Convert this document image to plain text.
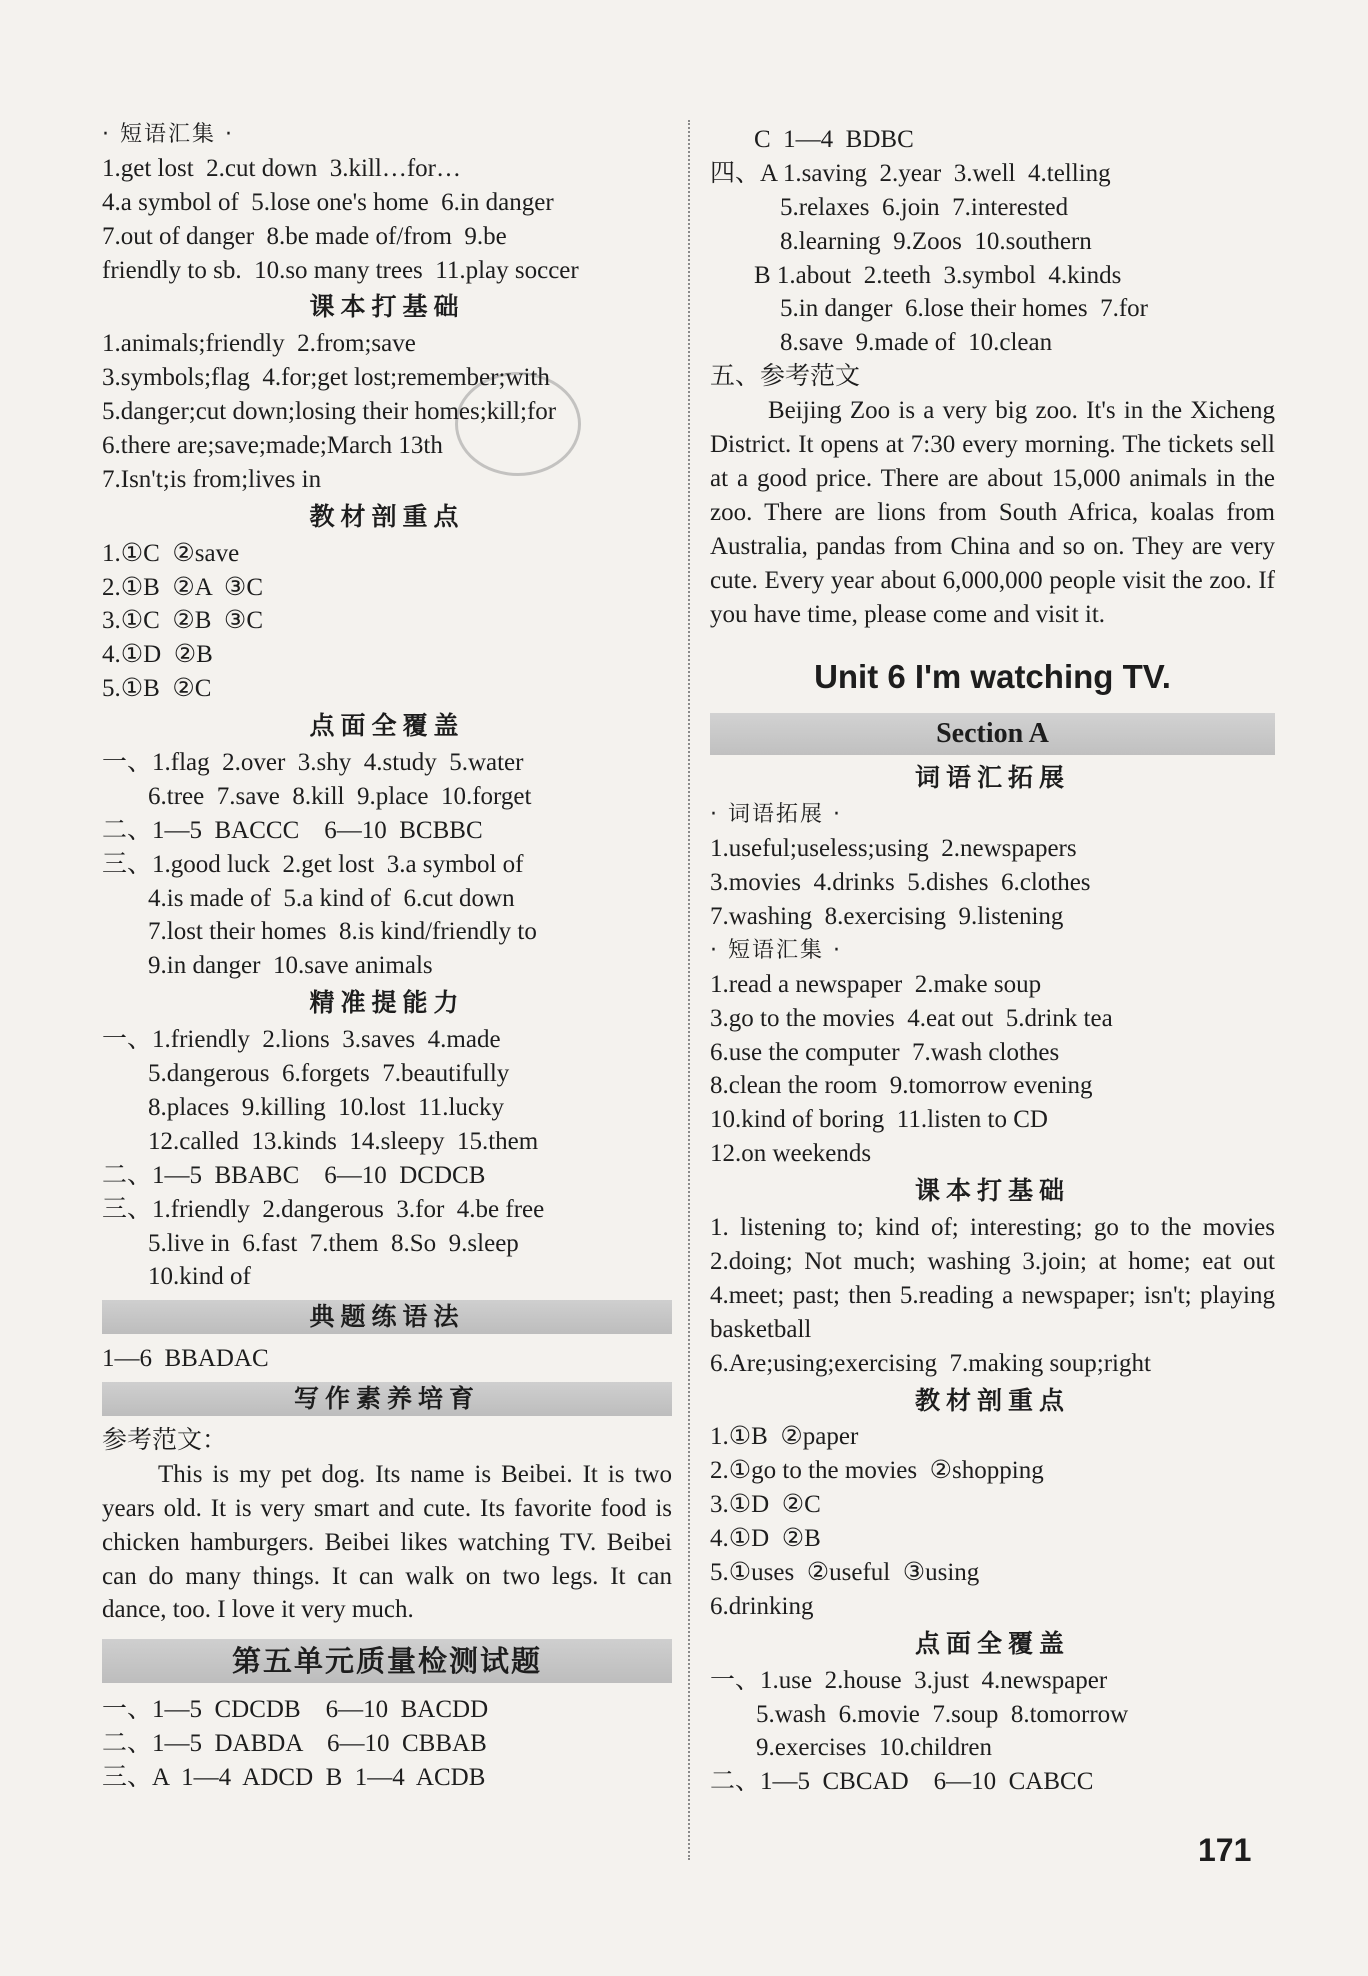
· 短语汇集 ·
1.get lost  2.cut down  3.kill…for…
4.a symbol of  5.lose one's home  6.in danger
7.out of danger  8.be made of/from  9.be
friendly to sb.  10.so many trees  11.play soccer
课本打基础
1.animals;friendly  2.from;save
3.symbols;flag  4.for;get lost;remember;with
5.danger;cut down;losing their homes;kill;for
6.there are;save;made;March 13th
7.Isn't;is from;lives in
教材剖重点
1.①C  ②save
2.①B  ②A  ③C
3.①C  ②B  ③C
4.①D  ②B
5.①B  ②C
点面全覆盖
一、1.flag  2.over  3.shy  4.study  5.water
6.tree  7.save  8.kill  9.place  10.forget
二、1—5  BACCC    6—10  BCBBC
三、1.good luck  2.get lost  3.a symbol of
4.is made of  5.a kind of  6.cut down
7.lost their homes  8.is kind/friendly to
9.in danger  10.save animals
精准提能力
一、1.friendly  2.lions  3.saves  4.made
5.dangerous  6.forgets  7.beautifully
8.places  9.killing  10.lost  11.lucky
12.called  13.kinds  14.sleepy  15.them
二、1—5  BBABC    6—10  DCDCB
三、1.friendly  2.dangerous  3.for  4.be free
5.live in  6.fast  7.them  8.So  9.sleep
10.kind of
典题练语法
1—6  BBADAC
写作素养培育
参考范文：
This is my pet dog. Its name is Beibei. It is two years old. It is very smart and cute. Its favorite food is chicken hamburgers. Beibei likes watching TV. Beibei can do many things. It can walk on two legs. It can dance, too. I love it very much.
第五单元质量检测试题
一、1—5  CDCDB    6—10  BACDD
二、1—5  DABDA    6—10  CBBAB
三、A  1—4  ADCD  B  1—4  ACDB
C  1—4  BDBC
四、A 1.saving  2.year  3.well  4.telling
5.relaxes  6.join  7.interested
8.learning  9.Zoos  10.southern
B 1.about  2.teeth  3.symbol  4.kinds
5.in danger  6.lose their homes  7.for
8.save  9.made of  10.clean
五、参考范文
Beijing Zoo is a very big zoo. It's in the Xicheng District. It opens at 7:30 every morning. The tickets sell at a good price. There are about 15,000 animals in the zoo. There are lions from South Africa, koalas from Australia, pandas from China and so on. They are very cute. Every year about 6,000,000 people visit the zoo. If you have time, please come and visit it.
Unit 6 I'm watching TV.
Section A
词语汇拓展
· 词语拓展 ·
1.useful;useless;using  2.newspapers
3.movies  4.drinks  5.dishes  6.clothes
7.washing  8.exercising  9.listening
· 短语汇集 ·
1.read a newspaper  2.make soup
3.go to the movies  4.eat out  5.drink tea
6.use the computer  7.wash clothes
8.clean the room  9.tomorrow evening
10.kind of boring  11.listen to CD
12.on weekends
课本打基础
1. listening to; kind of; interesting; go to the movies 2.doing; Not much; washing 3.join; at home; eat out 4.meet; past; then 5.reading a newspaper; isn't; playing basketball
6.Are;using;exercising  7.making soup;right
教材剖重点
1.①B  ②paper
2.①go to the movies  ②shopping
3.①D  ②C
4.①D  ②B
5.①uses  ②useful  ③using
6.drinking
点面全覆盖
一、1.use  2.house  3.just  4.newspaper
5.wash  6.movie  7.soup  8.tomorrow
9.exercises  10.children
二、1—5  CBCAD    6—10  CABCC
171
